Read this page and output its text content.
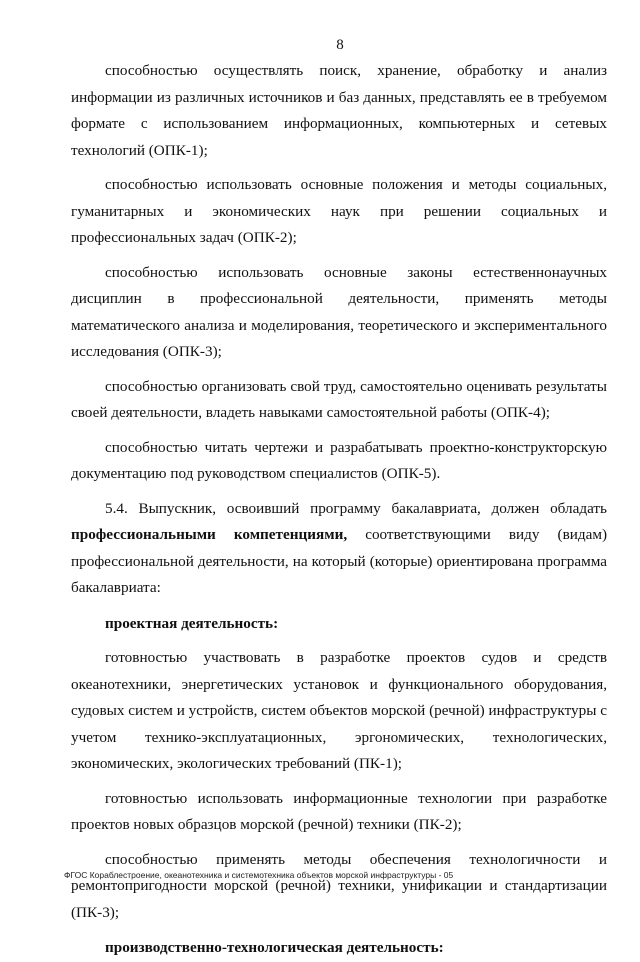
8

способностью осуществлять поиск, хранение, обработку и анализ информации из различных источников и баз данных, представлять ее в требуемом формате с использованием информационных, компьютерных и сетевых технологий (ОПК-1);

способностью использовать основные положения и методы социальных, гуманитарных и экономических наук при решении социальных и профессиональных задач (ОПК-2);

способностью использовать основные законы естественнонаучных дисциплин в профессиональной деятельности, применять методы математического анализа и моделирования, теоретического и экспериментального исследования (ОПК-3);

способностью организовать свой труд, самостоятельно оценивать результаты своей деятельности, владеть навыками самостоятельной работы (ОПК-4);

способностью читать чертежи и разрабатывать проектно-конструкторскую документацию под руководством специалистов (ОПК-5).

5.4. Выпускник, освоивший программу бакалавриата, должен обладать профессиональными компетенциями, соответствующими виду (видам) профессиональной деятельности, на который (которые) ориентирована программа бакалавриата:

проектная деятельность:

готовностью участвовать в разработке проектов судов и средств океанотехники, энергетических установок и функционального оборудования, судовых систем и устройств, систем объектов морской (речной) инфраструктуры с учетом технико-эксплуатационных, эргономических, технологических, экономических, экологических требований (ПК-1);

готовностью использовать информационные технологии при разработке проектов новых образцов морской (речной) техники (ПК-2);

способностью применять методы обеспечения технологичности и ремонтопригодности морской (речной) техники, унификации и стандартизации (ПК-3);

производственно-технологическая деятельность:

ФГОС Кораблестроение, океанотехника и системотехника объектов морской инфраструктуры - 05
